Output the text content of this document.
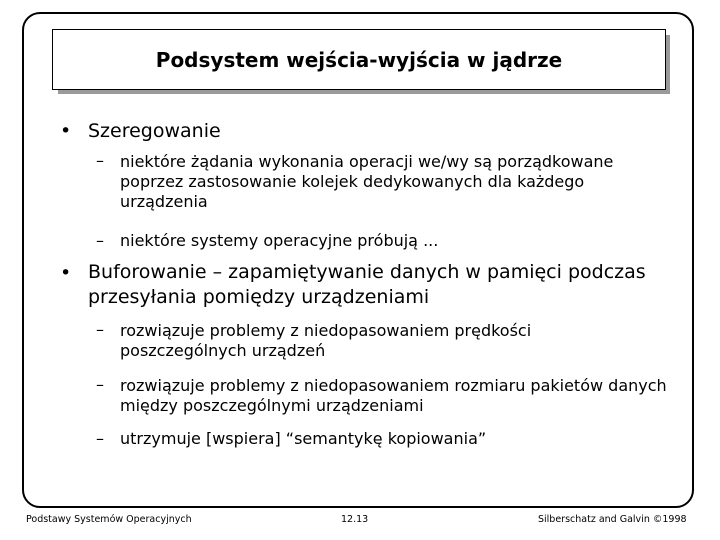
Podsystem wejścia-wyjścia w jądrze
• Szeregowanie

– niektóre żądania wykonania operacji we/wy są porządkowane poprzez zastosowanie kolejek dedykowanych dla każdego urządzenia

– niektóre systemy operacyjne próbują ...

• Buforowanie – zapamiętywanie danych w pamięci podczas przesyłania pomiędzy urządzeniami

– rozwiązuje problemy z niedopasowaniem prędkości poszczególnych urządzeń

– rozwiązuje problemy z niedopasowaniem rozmiaru pakietów danych między poszczególnymi urządzeniami

– utrzymuje [wspiera] “semantykę kopiowania”

Podstawy Systemów Operacyjnych	12.13	Silberschatz and Galvin ©1998
